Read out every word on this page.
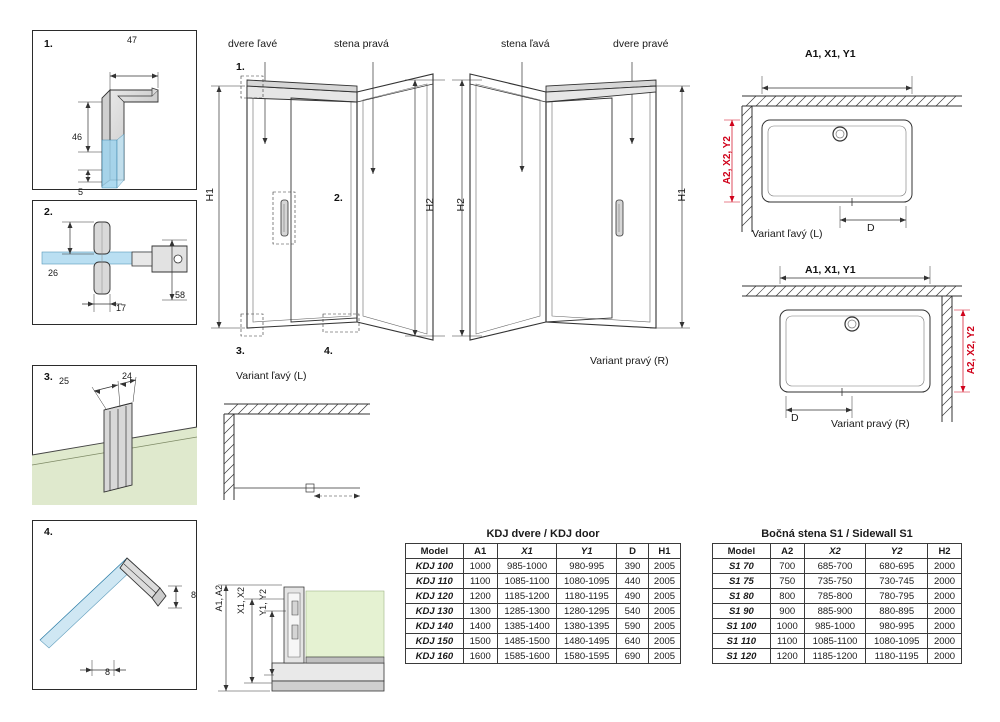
1.	47
46
5
2.
26
17
58
3. 25	24
4.
8
8
dvere ľavé	stena pravá
1.
2.
3.	4.
H1
H2
Variant ľavý (L)
stena ľavá	dvere pravé
H2
H1
Variant pravý (R)
A1, X1, Y1
A2, X2, Y2
D
Variant ľavý (L)
A1, X1, Y1
A2, X2, Y2
D	Variant pravý (R)
A1, A2 X1, X2 Y1, Y2
KDJ dvere / KDJ door
Model	A1	X1	Y1	D	H1
KDJ 100	1000	985-1000	980-995	390	2005
KDJ 110	1100	1085-1100	1080-1095	440	2005
KDJ 120	1200	1185-1200	1180-1195	490	2005
KDJ 130	1300	1285-1300	1280-1295	540	2005
KDJ 140	1400	1385-1400	1380-1395	590	2005
KDJ 150	1500	1485-1500	1480-1495	640	2005
KDJ 160	1600	1585-1600	1580-1595	690	2005
Bočná stena S1 / Sidewall S1
Model	A2	X2	Y2	H2
S1 70	700	685-700	680-695	2000
S1 75	750	735-750	730-745	2000
S1 80	800	785-800	780-795	2000
S1 90	900	885-900	880-895	2000
S1 100	1000	985-1000	980-995	2000
S1 110	1100	1085-1100	1080-1095	2000
S1 120	1200	1185-1200	1180-1195	2000
